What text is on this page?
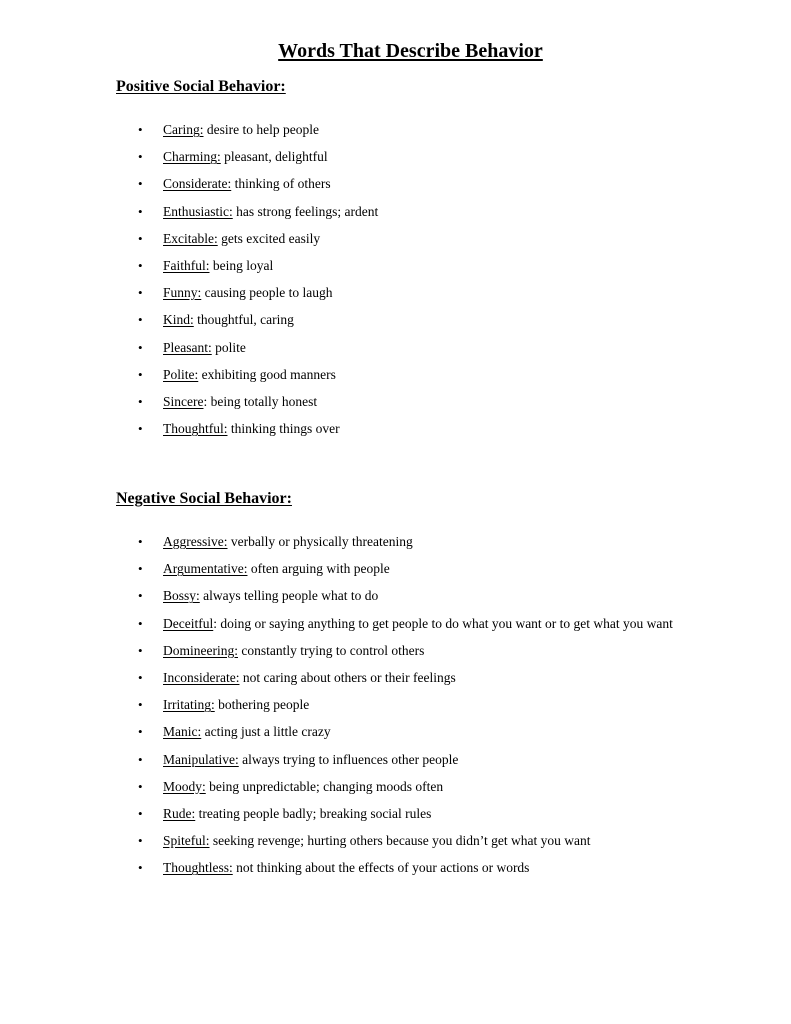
Words That Describe Behavior
Positive Social Behavior:
• Caring: desire to help people
• Charming: pleasant, delightful
• Considerate: thinking of others
• Enthusiastic: has strong feelings; ardent
• Excitable: gets excited easily
• Faithful: being loyal
• Funny: causing people to laugh
• Kind: thoughtful, caring
• Pleasant: polite
• Polite: exhibiting good manners
• Sincere: being totally honest
• Thoughtful: thinking things over
Negative Social Behavior:
• Aggressive: verbally or physically threatening
• Argumentative: often arguing with people
• Bossy: always telling people what to do
• Deceitful: doing or saying anything to get people to do what you want or to get what you want
• Domineering: constantly trying to control others
• Inconsiderate: not caring about others or their feelings
• Irritating: bothering people
• Manic: acting just a little crazy
• Manipulative: always trying to influences other people
• Moody: being unpredictable; changing moods often
• Rude: treating people badly; breaking social rules
• Spiteful: seeking revenge; hurting others because you didn’t get what you want
• Thoughtless: not thinking about the effects of your actions or words
